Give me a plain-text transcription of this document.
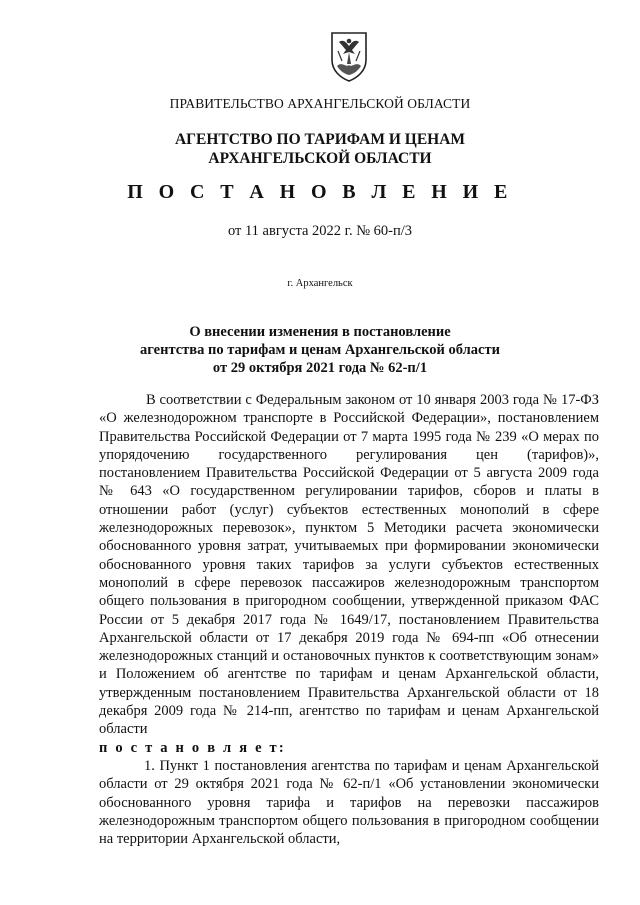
ПРАВИТЕЛЬСТВО АРХАНГЕЛЬСКОЙ ОБЛАСТИ
АГЕНТСТВО ПО ТАРИФАМ И ЦЕНАМ
АРХАНГЕЛЬСКОЙ ОБЛАСТИ
П О С Т А Н О В Л Е Н И Е
от 11 августа 2022 г. № 60-п/3
г. Архангельск
О внесении изменения в постановление
агентства по тарифам и ценам Архангельской области
от 29 октября 2021 года № 62-п/1

В соответствии с Федеральным законом от 10 января 2003 года № 17-ФЗ «О железнодорожном транспорте в Российской Федерации», постановлением Правительства Российской Федерации от 7 марта 1995 года № 239 «О мерах по упорядочению государственного регулирования цен (тарифов)», постановлением Правительства Российской Федерации от 5 августа 2009 года № 643 «О государственном регулировании тарифов, сборов и платы в отношении работ (услуг) субъектов естественных монополий в сфере железнодорожных перевозок», пунктом 5 Методики расчета экономически обоснованного уровня затрат, учитываемых при формировании экономически обоснованного уровня таких тарифов за услуги субъектов естественных монополий в сфере перевозок пассажиров железнодорожным транспортом общего пользования в пригородном сообщении, утвержденной приказом ФАС России от 5 декабря 2017 года № 1649/17, постановлением Правительства Архангельской области от 17 декабря 2019 года № 694-пп «Об отнесении железнодорожных станций и остановочных пунктов к соответствующим зонам» и Положением об агентстве по тарифам и ценам Архангельской области, утвержденным постановлением Правительства Архангельской области от 18 декабря 2009 года № 214-пп, агентство по тарифам и ценам Архангельской области

п о с т а н о в л я е т:

1. Пункт 1 постановления агентства по тарифам и ценам Архангельской области от 29 октября 2021 года № 62-п/1 «Об установлении экономически обоснованного уровня тарифа и тарифов на перевозки пассажиров железнодорожным транспортом общего пользования в пригородном сообщении на территории Архангельской области,
